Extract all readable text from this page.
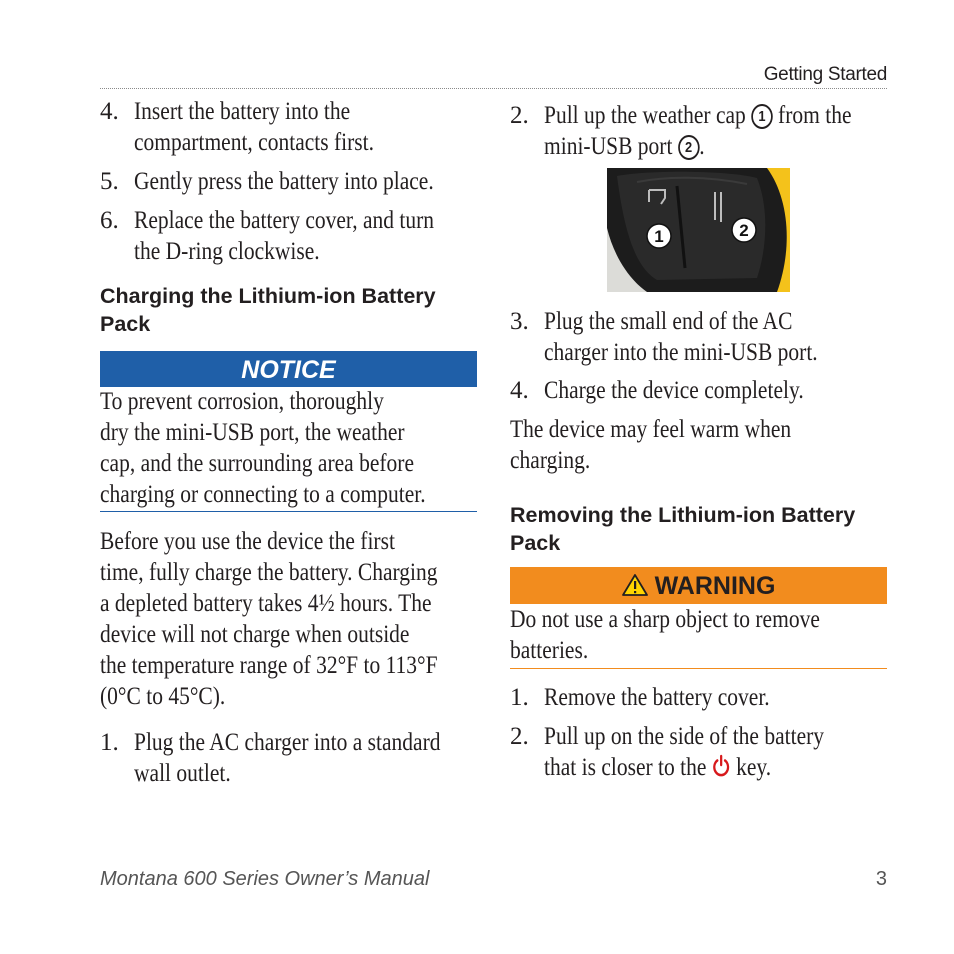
Getting Started
4. Insert the battery into the
compartment, contacts first.
5. Gently press the battery into place.
6. Replace the battery cover, and turn
the D-ring clockwise.
Charging the Lithium-ion Battery
Pack
NOTICE
To prevent corrosion, thoroughly
dry the mini-USB port, the weather
cap, and the surrounding area before
charging or connecting to a computer.
Before you use the device the first
time, fully charge the battery. Charging
a depleted battery takes 4½ hours. The
device will not charge when outside
the temperature range of 32°F to 113°F
(0°C to 45°C).
1. Plug the AC charger into a standard
wall outlet.
2. Pull up the weather cap 1 from the
mini-USB port 2 .
1	2
3. Plug the small end of the AC
charger into the mini-USB port.
4. Charge the device completely.
The device may feel warm when
charging.
Removing the Lithium-ion Battery
Pack
WARNING
Do not use a sharp object to remove
batteries.
1. Remove the battery cover.
2. Pull up on the side of the battery
that is closer to the key.
Montana 600 Series Owner’s Manual	3
